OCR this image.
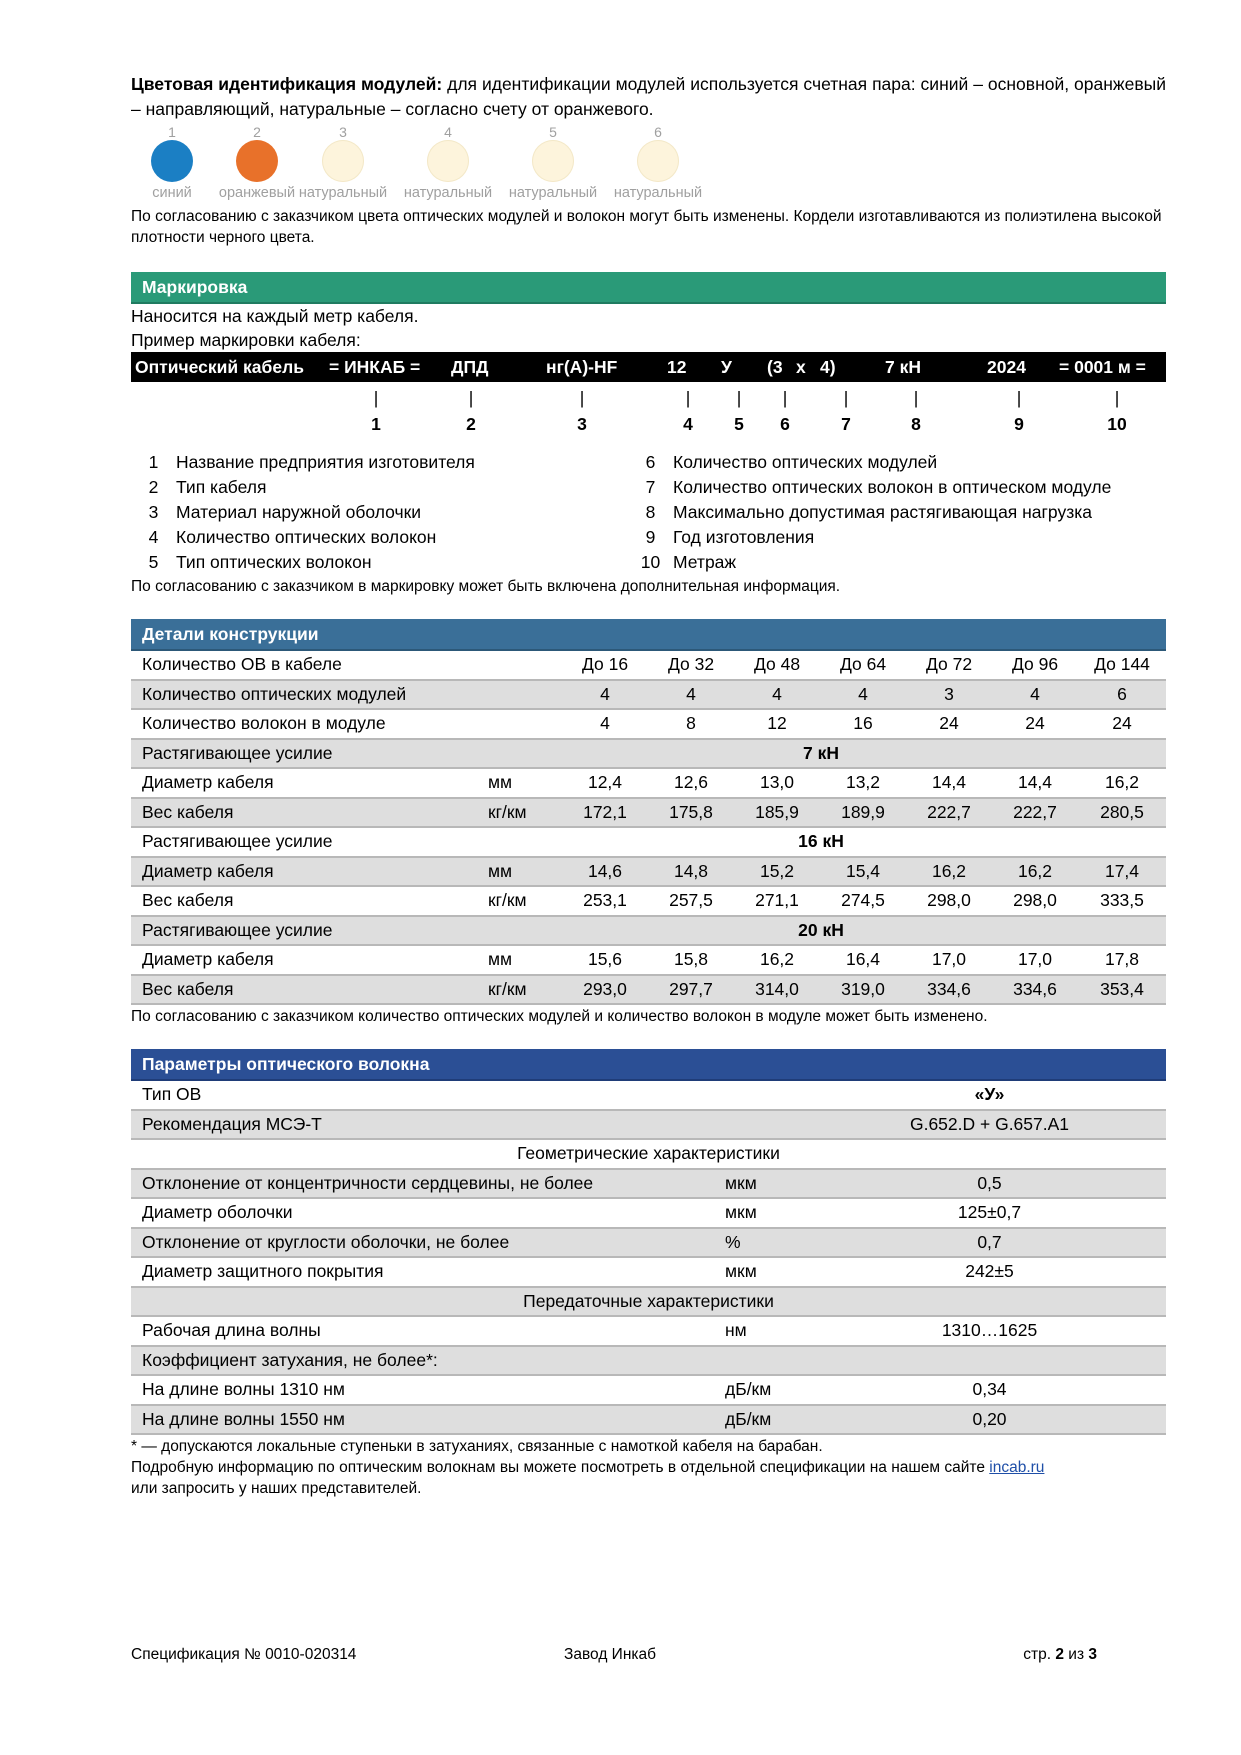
Цветовая идентификация модулей: для идентификации модулей используется счетная пара: синий – основной, оранжевый – направляющий, натуральные – согласно счету от оранжевого.

1
синий
2
оранжевый
3
натуральный
4
натуральный
5
натуральный
6
натуральный

По согласованию с заказчиком цвета оптических модулей и волокон могут быть изменены. Кордели изготавливаются из полиэтилена высокой плотности черного цвета.

Маркировка
Наносится на каждый метр кабеля.
Пример маркировки кабеля:
Оптический кабель = ИНКАБ = ДПД	нг(А)-HF	12 У (3 х 4)	7 кН	2024 = 0001 м =
|
1
|
2
|
3
|
4
|
5
|
6
|
7
|
8
|
9
|
10
1 Название предприятия изготовителя
2 Тип кабеля
3 Материал наружной оболочки
4 Количество оптических волокон
5 Тип оптических волокон
6 Количество оптических модулей
7 Количество оптических волокон в оптическом модуле
8 Максимально допустимая растягивающая нагрузка
9 Год изготовления
10 Метраж

По согласованию с заказчиком в маркировку может быть включена дополнительная информация.

Детали конструкции
Количество ОВ в кабеле		До 16	До 32	До 48	До 64	До 72	До 96	До 144
Количество оптических модулей		4	4	4	4	3	4	6
Количество волокон в модуле		4	8	12	16	24	24	24
Растягивающее усилие	7 кН							
Диаметр кабеля	мм	12,4	12,6	13,0	13,2	14,4	14,4	16,2
Вес кабеля	кг/км	172,1	175,8	185,9	189,9	222,7	222,7	280,5
Растягивающее усилие	16 кН							
Диаметр кабеля	мм	14,6	14,8	15,2	15,4	16,2	16,2	17,4
Вес кабеля	кг/км	253,1	257,5	271,1	274,5	298,0	298,0	333,5
Растягивающее усилие	20 кН							
Диаметр кабеля	мм	15,6	15,8	16,2	16,4	17,0	17,0	17,8
Вес кабеля	кг/км	293,0	297,7	314,0	319,0	334,6	334,6	353,4

По согласованию с заказчиком количество оптических модулей и количество волокон в модуле может быть изменено.

Параметры оптического волокна
Тип ОВ		«У»
Рекомендация МСЭ-Т		G.652.D + G.657.A1
Геометрические характеристики		
Отклонение от концентричности сердцевины, не более	мкм	0,5
Диаметр оболочки	мкм	125±0,7
Отклонение от круглости оболочки, не более	%	0,7
Диаметр защитного покрытия	мкм	242±5
Передаточные характеристики		
Рабочая длина волны	нм	1310…1625
Коэффициент затухания, не более*:		
На длине волны 1310 нм	дБ/км	0,34
На длине волны 1550 нм	дБ/км	0,20

* — допускаются локальные ступеньки в затуханиях, связанные с намоткой кабеля на барабан.

Подробную информацию по оптическим волокнам вы можете посмотреть в отдельной спецификации на нашем сайте incab.ru
или запросить у наших представителей.

Спецификация № 0010-020314	Завод Инкаб	стр. 2 из 3
